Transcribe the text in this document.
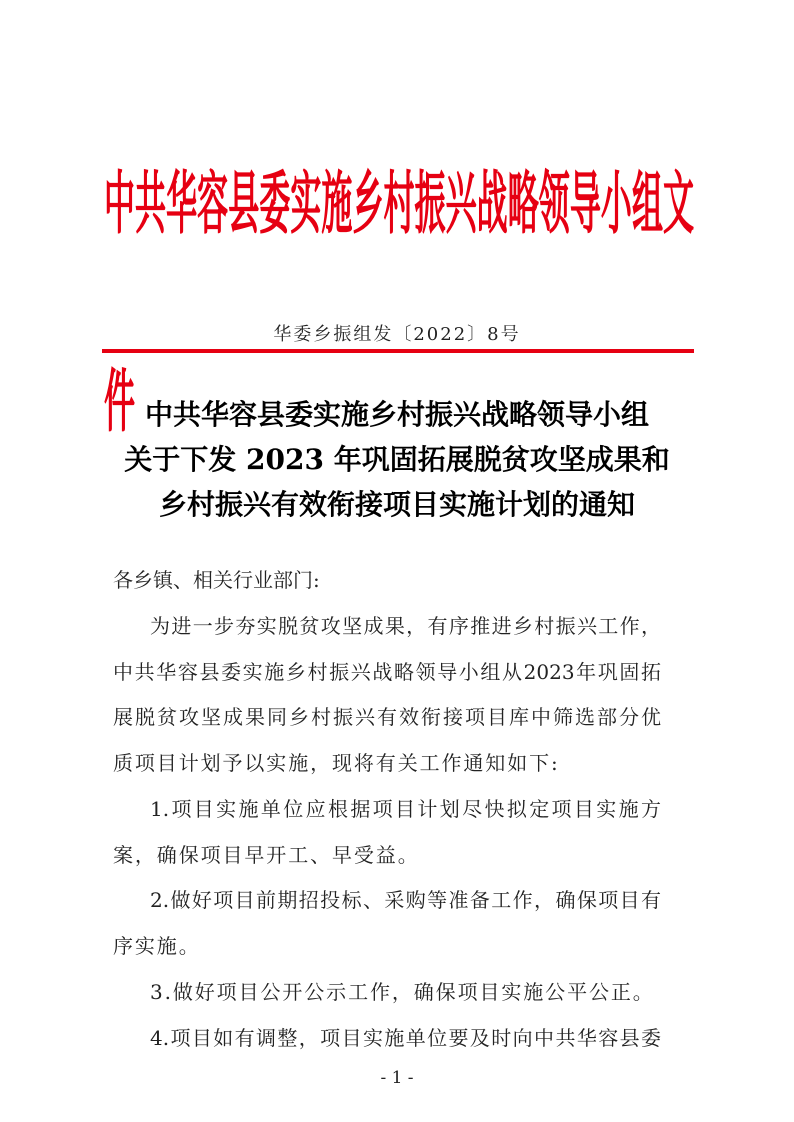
中共华容县委实施乡村振兴战略领导小组文件
华委乡振组发〔2022〕8号
中共华容县委实施乡村振兴战略领导小组
关于下发 2023 年巩固拓展脱贫攻坚成果和
乡村振兴有效衔接项目实施计划的通知
各乡镇、相关行业部门:
为进一步夯实脱贫攻坚成果，有序推进乡村振兴工作，
中共华容县委实施乡村振兴战略领导小组从2023年巩固拓
展脱贫攻坚成果同乡村振兴有效衔接项目库中筛选部分优
质项目计划予以实施，现将有关工作通知如下:
1.项目实施单位应根据项目计划尽快拟定项目实施方
案，确保项目早开工、早受益。
2.做好项目前期招投标、采购等准备工作，确保项目有
序实施。
3.做好项目公开公示工作，确保项目实施公平公正。
4.项目如有调整，项目实施单位要及时向中共华容县委
- 1 -
